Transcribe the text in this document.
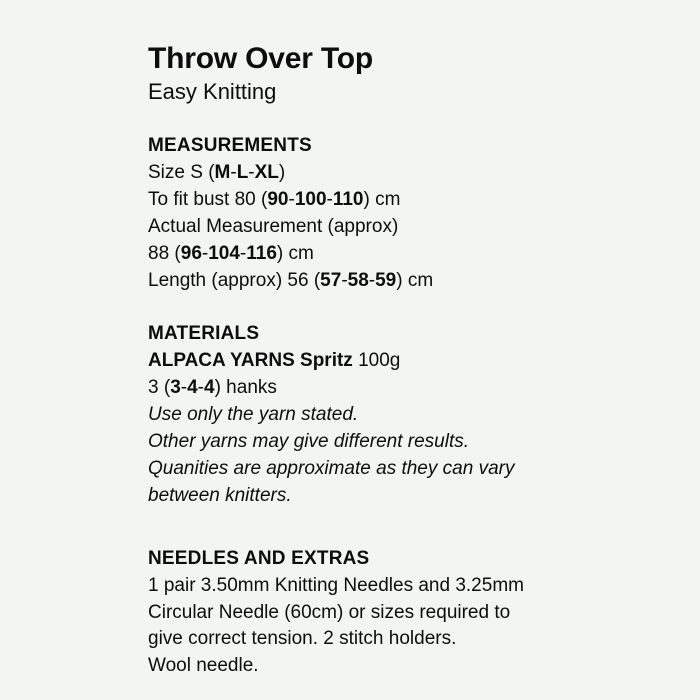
Throw Over Top
Easy Knitting
MEASUREMENTS

Size S (M-L-XL)

To fit bust 80 (90-100-110) cm

Actual Measurement (approx)

88 (96-104-116) cm

Length (approx) 56 (57-58-59) cm

MATERIALS

ALPACA YARNS Spritz 100g

3 (3-4-4) hanks

Use only the yarn stated.

Other yarns may give different results.

Quanities are approximate as they can vary

between knitters.

NEEDLES AND EXTRAS

1 pair 3.50mm Knitting Needles and 3.25mm

Circular Needle (60cm) or sizes required to

give correct tension. 2 stitch holders.

Wool needle.
